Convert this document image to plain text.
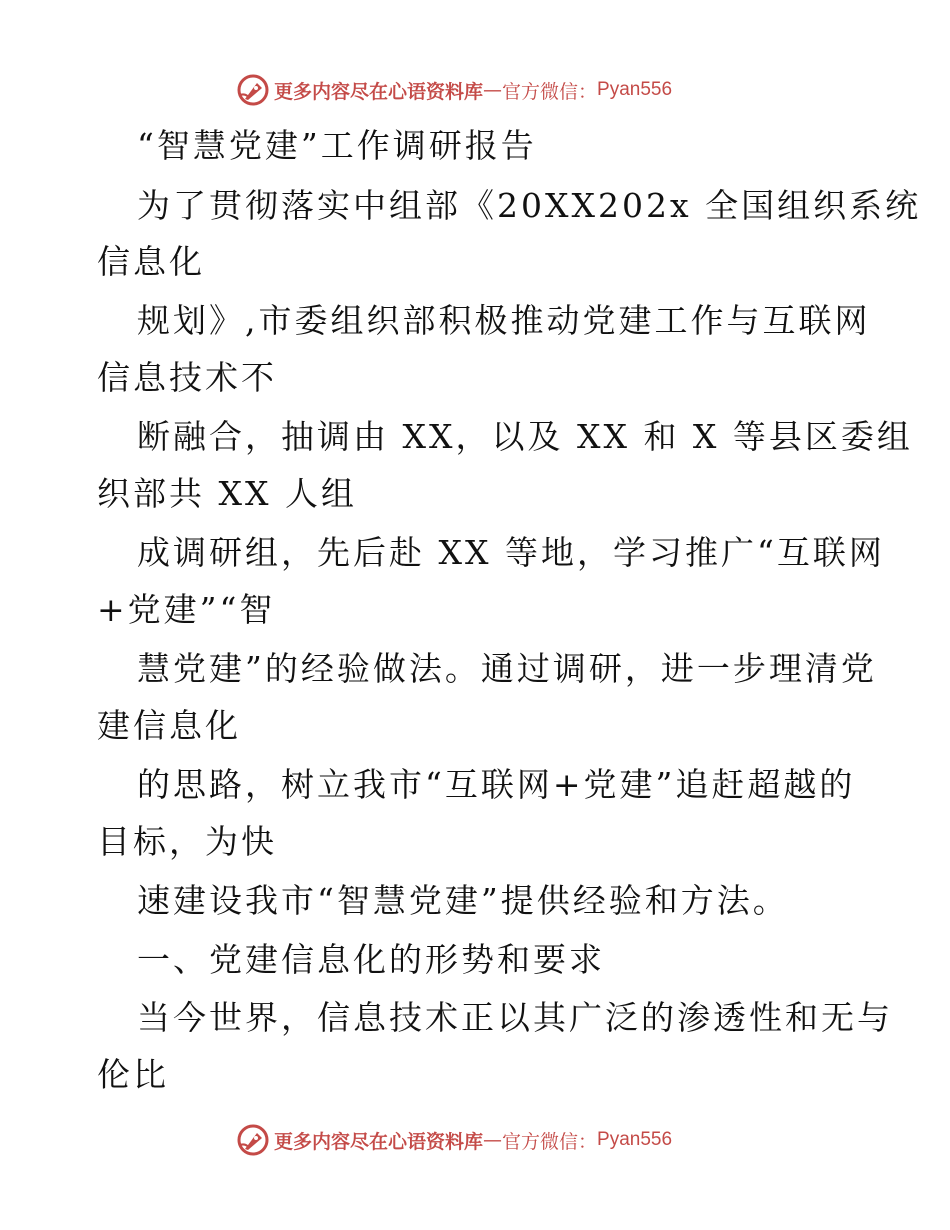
更多内容尽在心语资料库 — 官方微信： Pyan556
“智慧党建”工作调研报告
为了贯彻落实中组部《20XX202x 全国组织系统
信息化
规划》,市委组织部积极推动党建工作与互联网
信息技术不
断融合，抽调由 XX，以及 XX 和 X 等县区委组
织部共 XX 人组
成调研组，先后赴 XX 等地，学习推广“互联网
+党建”“智
慧党建”的经验做法。通过调研，进一步理清党
建信息化
的思路，树立我市“互联网+党建”追赶超越的
目标，为快
速建设我市“智慧党建”提供经验和方法。
一、党建信息化的形势和要求
当今世界，信息技术正以其广泛的渗透性和无与
伦比
更多内容尽在心语资料库 — 官方微信： Pyan556
